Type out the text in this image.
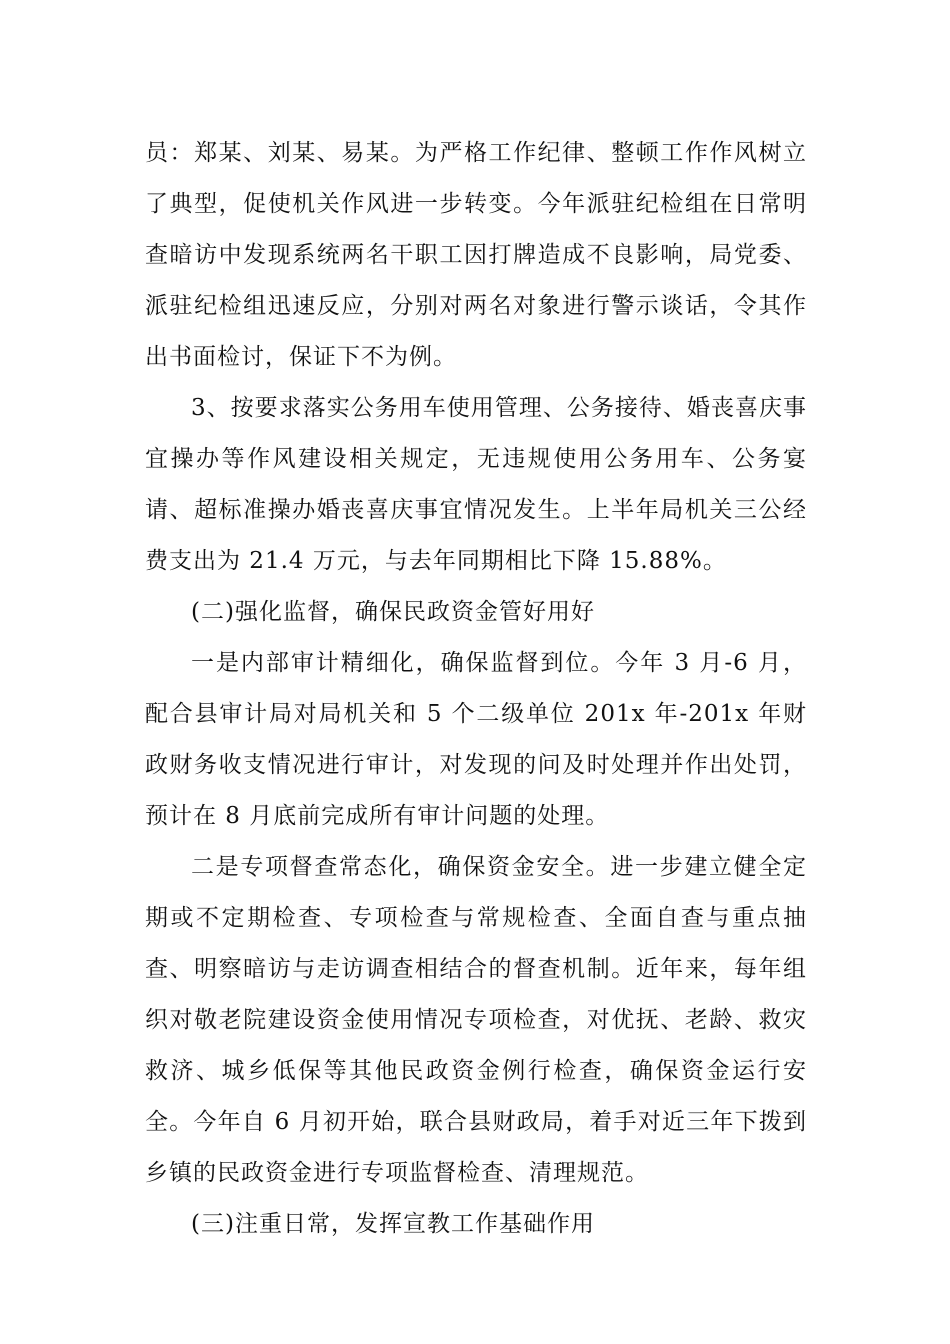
员：郑某、刘某、易某。为严格工作纪律、整顿工作作风树立了典型，促使机关作风进一步转变。今年派驻纪检组在日常明查暗访中发现系统两名干职工因打牌造成不良影响，局党委、派驻纪检组迅速反应，分别对两名对象进行警示谈话，令其作出书面检讨，保证下不为例。

3、按要求落实公务用车使用管理、公务接待、婚丧喜庆事宜操办等作风建设相关规定，无违规使用公务用车、公务宴请、超标准操办婚丧喜庆事宜情况发生。上半年局机关三公经费支出为 21.4 万元，与去年同期相比下降 15.88%。

(二)强化监督，确保民政资金管好用好

一是内部审计精细化，确保监督到位。今年 3 月-6 月，配合县审计局对局机关和 5 个二级单位 201x 年-201x 年财政财务收支情况进行审计，对发现的问及时处理并作出处罚，预计在 8 月底前完成所有审计问题的处理。

二是专项督查常态化，确保资金安全。进一步建立健全定期或不定期检查、专项检查与常规检查、全面自查与重点抽查、明察暗访与走访调查相结合的督查机制。近年来，每年组织对敬老院建设资金使用情况专项检查，对优抚、老龄、救灾救济、城乡低保等其他民政资金例行检查，确保资金运行安全。今年自 6 月初开始，联合县财政局，着手对近三年下拨到乡镇的民政资金进行专项监督检查、清理规范。

(三)注重日常，发挥宣教工作基础作用
